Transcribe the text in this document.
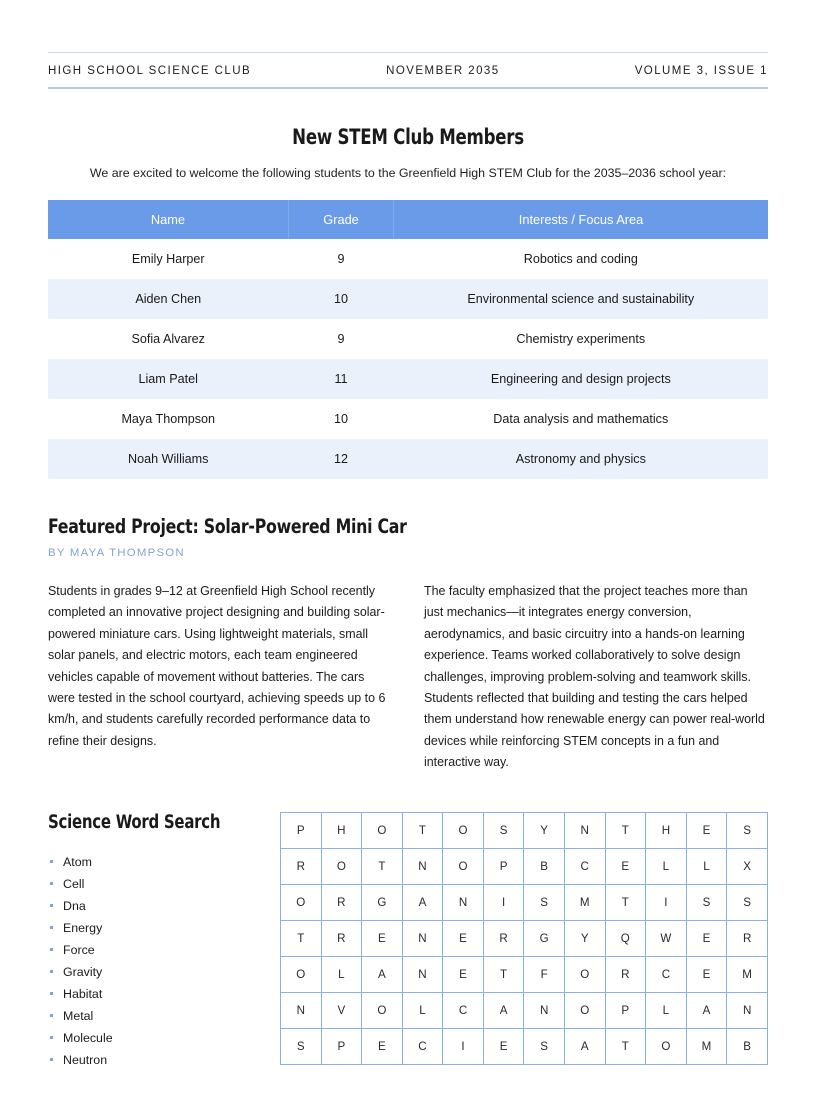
HIGH SCHOOL SCIENCE CLUB	NOVEMBER 2035	VOLUME 3, ISSUE 1
New STEM Club Members

We are excited to welcome the following students to the Greenfield High STEM Club for the 2035–2036 school year:

Name	Grade	Interests / Focus Area
Emily Harper	9	Robotics and coding
Aiden Chen	10	Environmental science and sustainability
Sofia Alvarez	9	Chemistry experiments
Liam Patel	11	Engineering and design projects
Maya Thompson	10	Data analysis and mathematics
Noah Williams	12	Astronomy and physics
Featured Project: Solar-Powered Mini Car
BY MAYA THOMPSON

Students in grades 9–12 at Greenfield High School recently completed an innovative project designing and building solar-powered miniature cars. Using lightweight materials, small solar panels, and electric motors, each team engineered vehicles capable of movement without batteries. The cars were tested in the school courtyard, achieving speeds up to 6 km/h, and students carefully recorded performance data to refine their designs.

The faculty emphasized that the project teaches more than just mechanics—it integrates energy conversion, aerodynamics, and basic circuitry into a hands-on learning experience. Teams worked collaboratively to solve design challenges, improving problem-solving and teamwork skills.

Students reflected that building and testing the cars helped them understand how renewable energy can power real-world devices while reinforcing STEM concepts in a fun and interactive way.

Science Word Search
Atom
Cell
Dna
Energy
Force
Gravity
Habitat
Metal
Molecule
Neutron
P	H	O	T	O	S	Y	N	T	H	E	S
R	O	T	N	O	P	B	C	E	L	L	X
O	R	G	A	N	I	S	M	T	I	S	S
T	R	E	N	E	R	G	Y	Q	W	E	R
O	L	A	N	E	T	F	O	R	C	E	M
N	V	O	L	C	A	N	O	P	L	A	N
S	P	E	C	I	E	S	A	T	O	M	B
